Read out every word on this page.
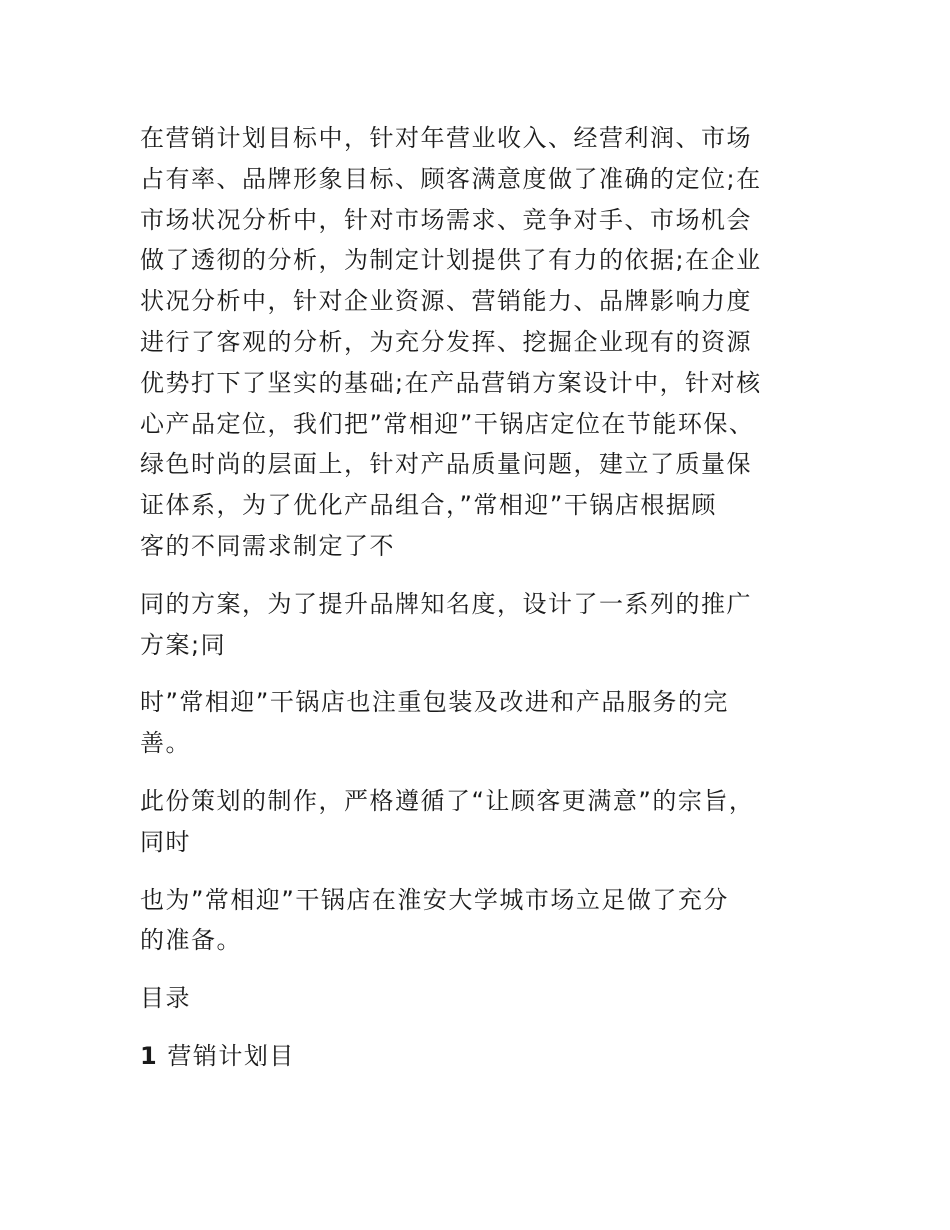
在营销计划目标中，针对年营业收入、经营利润、市场
占有率、品牌形象目标、顾客满意度做了准确的定位;在
市场状况分析中，针对市场需求、竞争对手、市场机会
做了透彻的分析，为制定计划提供了有力的依据;在企业
状况分析中，针对企业资源、营销能力、品牌影响力度
进行了客观的分析，为充分发挥、挖掘企业现有的资源
优势打下了坚实的基础;在产品营销方案设计中，针对核
心产品定位，我们把”常相迎”干锅店定位在节能环保、
绿色时尚的层面上，针对产品质量问题，建立了质量保
证体系，为了优化产品组合，”常相迎”干锅店根据顾
客的不同需求制定了不

同的方案，为了提升品牌知名度，设计了一系列的推广
方案;同

时”常相迎”干锅店也注重包装及改进和产品服务的完
善。

此份策划的制作，严格遵循了“让顾客更满意”的宗旨，
同时

也为”常相迎”干锅店在淮安大学城市场立足做了充分
的准备。

目录

1 营销计划目
